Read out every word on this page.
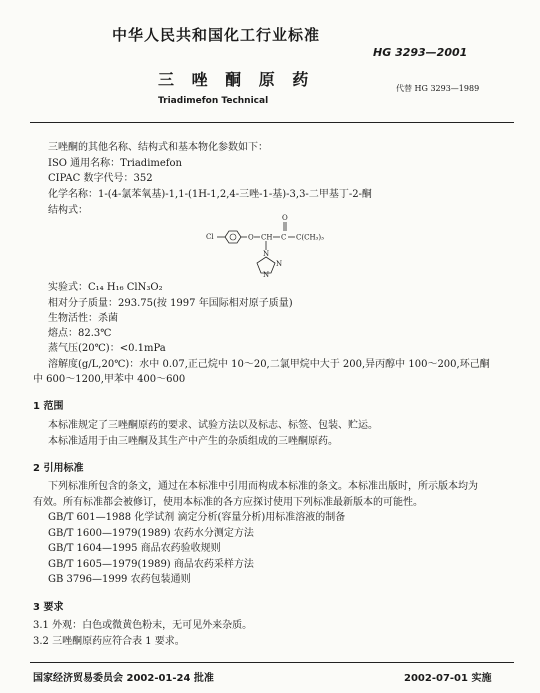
中华人民共和国化工行业标准
HG 3293—2001
三 唑 酮 原 药	代替 HG 3293—1989
Triadimefon Technical
三唑酮的其他名称、结构式和基本物化参数如下：
ISO 通用名称：Triadimefon
CIPAC 数字代号：352
化学名称：1-(4-氯苯氧基)-1,1-(1H-1,2,4-三唑-1-基)-3,3-二甲基丁-2-酮
结构式：
Cl	O CH C
O
C(CH₃)₃
N
N
N
实验式：C₁₄ H₁₆ ClN₃O₂
相对分子质量：293.75(按 1997 年国际相对原子质量)
生物活性：杀菌
熔点：82.3℃
蒸气压(20℃)：<0.1mPa
溶解度(g/L,20℃)：水中 0.07,正己烷中 10～20,二氯甲烷中大于 200,异丙醇中 100～200,环己酮
中 600～1200,甲苯中 400～600
1 范围
本标准规定了三唑酮原药的要求、试验方法以及标志、标签、包装、贮运。
本标准适用于由三唑酮及其生产中产生的杂质组成的三唑酮原药。
2 引用标准
下列标准所包含的条文，通过在本标准中引用而构成本标准的条文。本标准出版时，所示版本均为
有效。所有标准都会被修订，使用本标准的各方应探讨使用下列标准最新版本的可能性。
GB/T 601—1988 化学试剂 滴定分析(容量分析)用标准溶液的制备
GB/T 1600—1979(1989) 农药水分测定方法
GB/T 1604—1995 商品农药验收规则
GB/T 1605—1979(1989) 商品农药采样方法
GB 3796—1999 农药包装通则
3 要求
3.1 外观：白色或微黄色粉末，无可见外来杂质。
3.2 三唑酮原药应符合表 1 要求。
国家经济贸易委员会 2002-01-24 批准	2002-07-01 实施
